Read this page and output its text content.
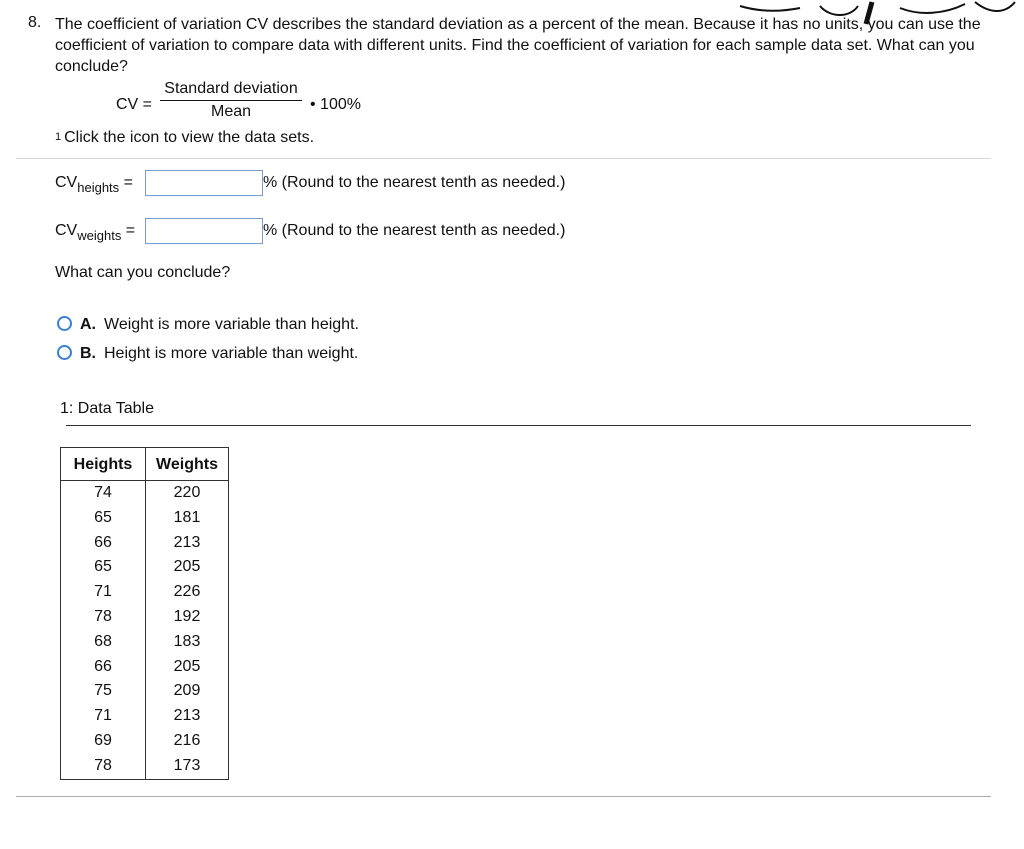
8. The coefficient of variation CV describes the standard deviation as a percent of the mean. Because it has no units, you can use the coefficient of variation to compare data with different units. Find the coefficient of variation for each sample data set. What can you conclude?
CV =
Standard deviation
Mean	• 100%
$^1$ Click the icon to view the data sets.
$CV_{heights}$ =	% (Round to the nearest tenth as needed.)
$CV_{weights}$ =	% (Round to the nearest tenth as needed.)
What can you conclude?
A. Weight is more variable than height.
B. Height is more variable than weight.
1: Data Table
Heights	Weights
74	220
65	181
66	213
65	205
71	226
78	192
68	183
66	205
75	209
71	213
69	216
78	173
